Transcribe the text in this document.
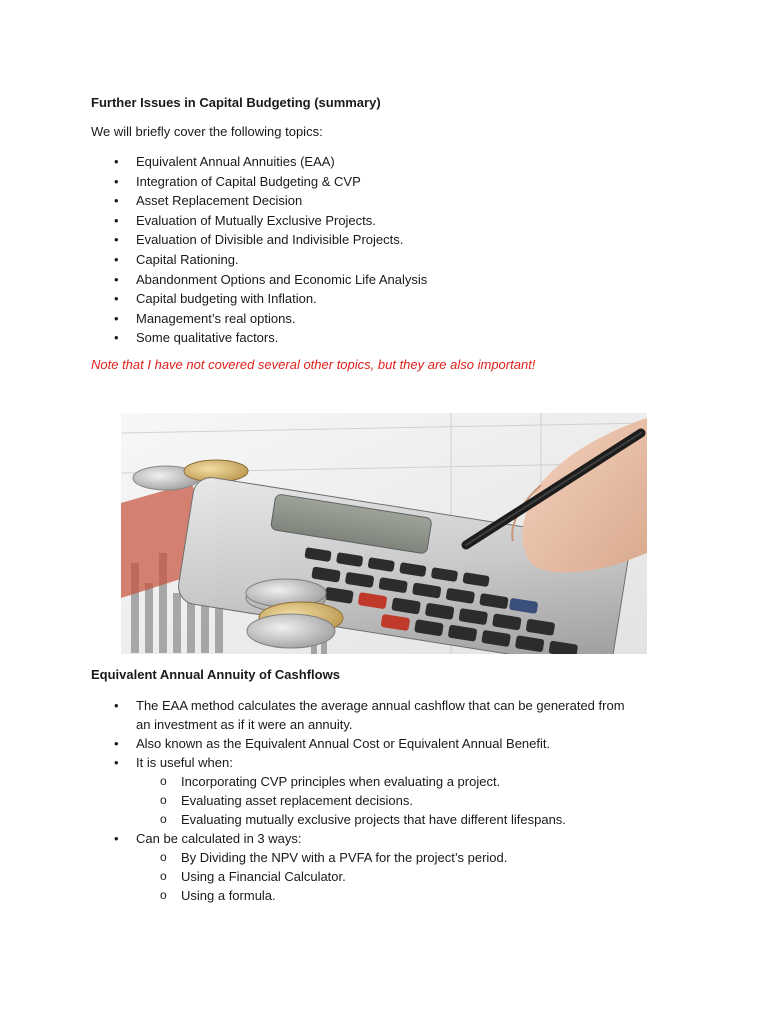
Further Issues in Capital Budgeting (summary)
We will briefly cover the following topics:
• Equivalent Annual Annuities (EAA)
• Integration of Capital Budgeting & CVP
• Asset Replacement Decision
• Evaluation of Mutually Exclusive Projects.
• Evaluation of Divisible and Indivisible Projects.
• Capital Rationing.
• Abandonment Options and Economic Life Analysis
• Capital budgeting with Inflation.
• Management’s real options.
• Some qualitative factors.
Note that I have not covered several other topics, but they are also important!
Equivalent Annual Annuity of Cashflows
• The EAA method calculates the average annual cashflow that can be generated from an investment as if it were an annuity.
• Also known as the Equivalent Annual Cost or Equivalent Annual Benefit.
• It is useful when:
o Incorporating CVP principles when evaluating a project.
o Evaluating asset replacement decisions.
o Evaluating mutually exclusive projects that have different lifespans.
• Can be calculated in 3 ways:
o By Dividing the NPV with a PVFA for the project’s period.
o Using a Financial Calculator.
o Using a formula.
